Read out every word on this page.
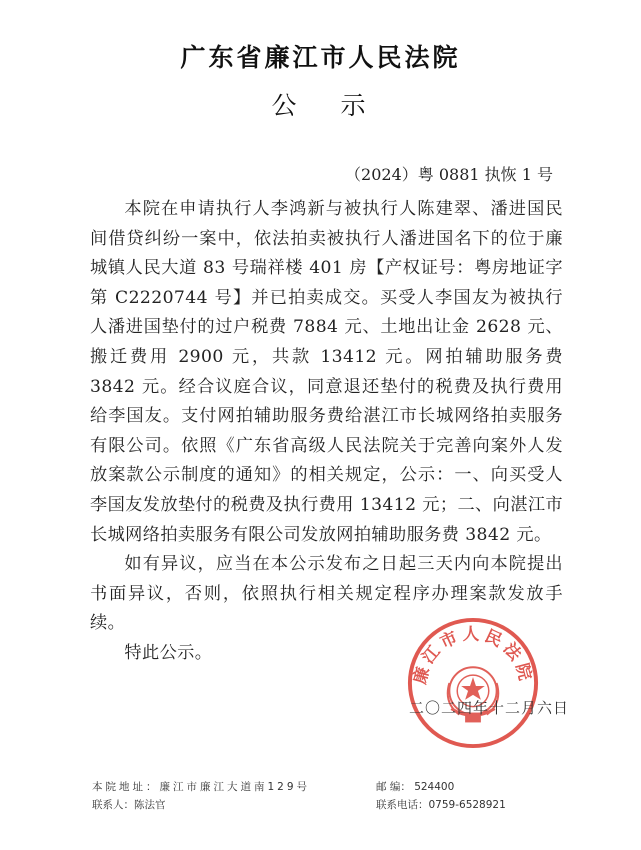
广东省廉江市人民法院
公 示
（2024）粤 0881 执恢 1 号

本院在申请执行人李鸿新与被执行人陈建翠、潘进国民间借贷纠纷一案中，依法拍卖被执行人潘进国名下的位于廉城镇人民大道 83 号瑞祥楼 401 房【产权证号：粤房地证字第 C2220744 号】并已拍卖成交。买受人李国友为被执行人潘进国垫付的过户税费 7884 元、土地出让金 2628 元、搬迁费用 2900 元，共款 13412 元。网拍辅助服务费 3842 元。经合议庭合议，同意退还垫付的税费及执行费用给李国友。支付网拍辅助服务费给湛江市长城网络拍卖服务有限公司。依照《广东省高级人民法院关于完善向案外人发放案款公示制度的通知》的相关规定，公示：一、向买受人李国友发放垫付的税费及执行费用 13412 元；二、向湛江市长城网络拍卖服务有限公司发放网拍辅助服务费 3842 元。

如有异议，应当在本公示发布之日起三天内向本院提出书面异议，否则，依照执行相关规定程序办理案款发放手续。

特此公示。

廉江市人民法院
二〇二四年十二月六日
本院地址：廉江市廉江大道南129号
联系人：陈法官
邮 编： 524400
联系电话：0759-6528921
